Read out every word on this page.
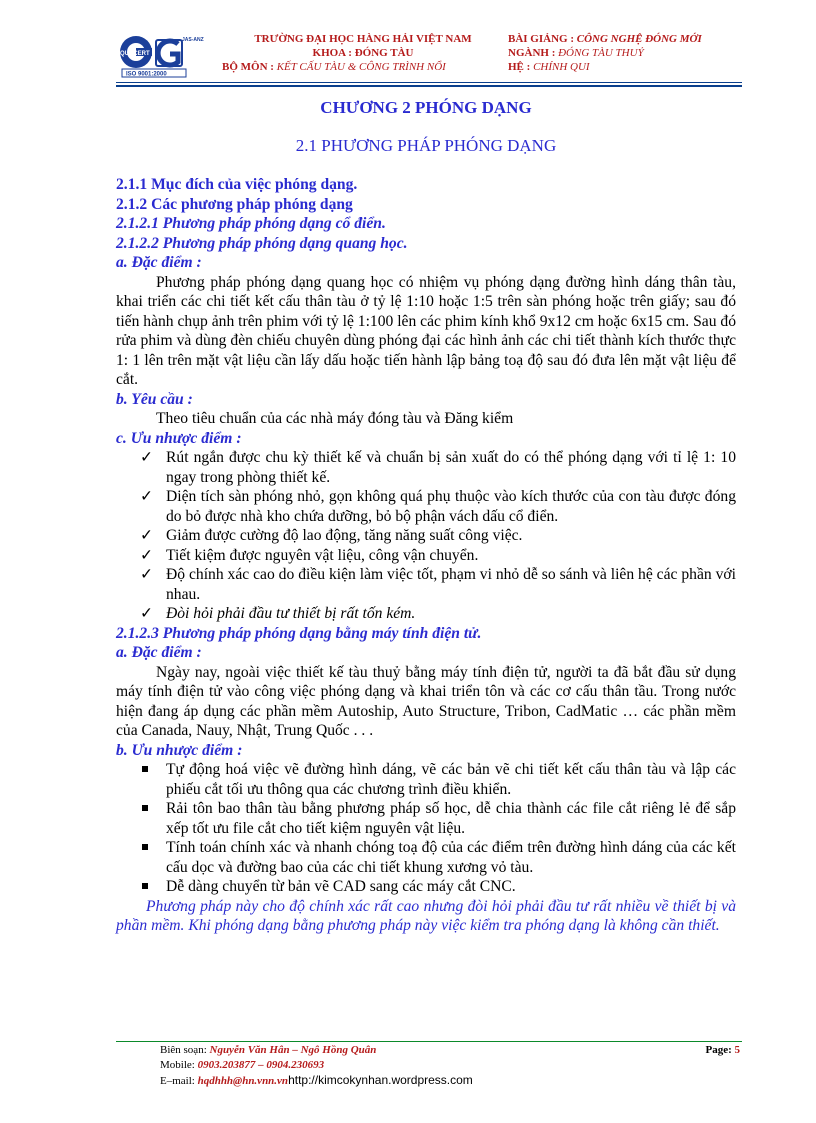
QUACERT
JAS-ANZ
ISO 9001:2000
TRƯỜNG ĐẠI HỌC HÀNG HẢI VIỆT NAM
KHOA : ĐÓNG TÀU
BỘ MÔN : KẾT CẤU TÀU & CÔNG TRÌNH NỔI
BÀI GIẢNG : CÔNG NGHỆ ĐÓNG MỚI
NGÀNH : ĐÓNG TÀU THUỶ
HỆ : CHÍNH QUI
CHƯƠNG 2 PHÓNG DẠNG
2.1 PHƯƠNG PHÁP PHÓNG DẠNG
2.1.1 Mục đích của việc phóng dạng.
2.1.2 Các phương pháp phóng dạng
2.1.2.1 Phương pháp phóng dạng cổ điển.
2.1.2.2 Phương pháp phóng dạng quang học.
a. Đặc điểm :

Phương pháp phóng dạng quang học có nhiệm vụ phóng dạng đường hình dáng thân tàu, khai triển các chi tiết kết cấu thân tàu ở tỷ lệ 1:10 hoặc 1:5 trên sàn phóng hoặc trên giấy; sau đó tiến hành chụp ảnh trên phim với tỷ lệ 1:100 lên các phim kính khổ 9x12 cm hoặc 6x15 cm. Sau đó rửa phim và dùng đèn chiếu chuyên dùng phóng đại các hình ảnh các chi tiết thành kích thước thực 1: 1 lên trên mặt vật liệu cần lấy dấu hoặc tiến hành lập bảng toạ độ sau đó đưa lên mặt vật liệu để cắt.

b. Yêu cầu :

Theo tiêu chuẩn của các nhà máy đóng tàu và Đăng kiểm

c. Ưu nhược điểm :
✓ Rút ngắn được chu kỳ thiết kế và chuẩn bị sản xuất do có thể phóng dạng với tỉ lệ 1: 10 ngay trong phòng thiết kế.
✓ Diện tích sàn phóng nhỏ, gọn không quá phụ thuộc vào kích thước của con tàu được đóng do bỏ được nhà kho chứa dưỡng, bỏ bộ phận vách dấu cổ điển.
✓ Giảm được cường độ lao động, tăng năng suất công việc.
✓ Tiết kiệm được nguyên vật liệu, công vận chuyển.
✓ Độ chính xác cao do điều kiện làm việc tốt, phạm vi nhỏ dễ so sánh và liên hệ các phần với nhau.
✓ Đòi hỏi phải đầu tư thiết bị rất tốn kém.
2.1.2.3 Phương pháp phóng dạng bằng máy tính điện tử.
a. Đặc điểm :

Ngày nay, ngoài việc thiết kế tàu thuỷ bằng máy tính điện tử, người ta đã bắt đầu sử dụng máy tính điện tử vào công việc phóng dạng và khai triển tôn và các cơ cấu thân tầu. Trong nước hiện đang áp dụng các phần mềm Autoship, Auto Structure, Tribon, CadMatic … các phần mềm của Canada, Nauy, Nhật, Trung Quốc . . .

b. Ưu nhược điểm :
Tự động hoá việc vẽ đường hình dáng, vẽ các bản vẽ chi tiết kết cấu thân tàu và lập các phiếu cắt tối ưu thông qua các chương trình điều khiển.
Rải tôn bao thân tàu bằng phương pháp số học, dễ chia thành các file cắt riêng lẻ để sắp xếp tốt ưu file cắt cho tiết kiệm nguyên vật liệu.
Tính toán chính xác và nhanh chóng toạ độ của các điểm trên đường hình dáng của các kết cấu dọc và đường bao của các chi tiết khung xương vỏ tàu.
Dễ dàng chuyển từ bản vẽ CAD sang các máy cắt CNC.

Phương pháp này cho độ chính xác rất cao nhưng đòi hỏi phải đầu tư rất nhiều về thiết bị và phần mềm. Khi phóng dạng bằng phương pháp này việc kiểm tra phóng dạng là không cần thiết.

Biên soạn: Nguyễn Văn Hân – Ngô Hồng Quân
Mobile: 0903.203877 – 0904.230693
E–mail: hqdhhh@hn.vnn.vnhttp://kimcokynhan.wordpress.com
Page: 5
